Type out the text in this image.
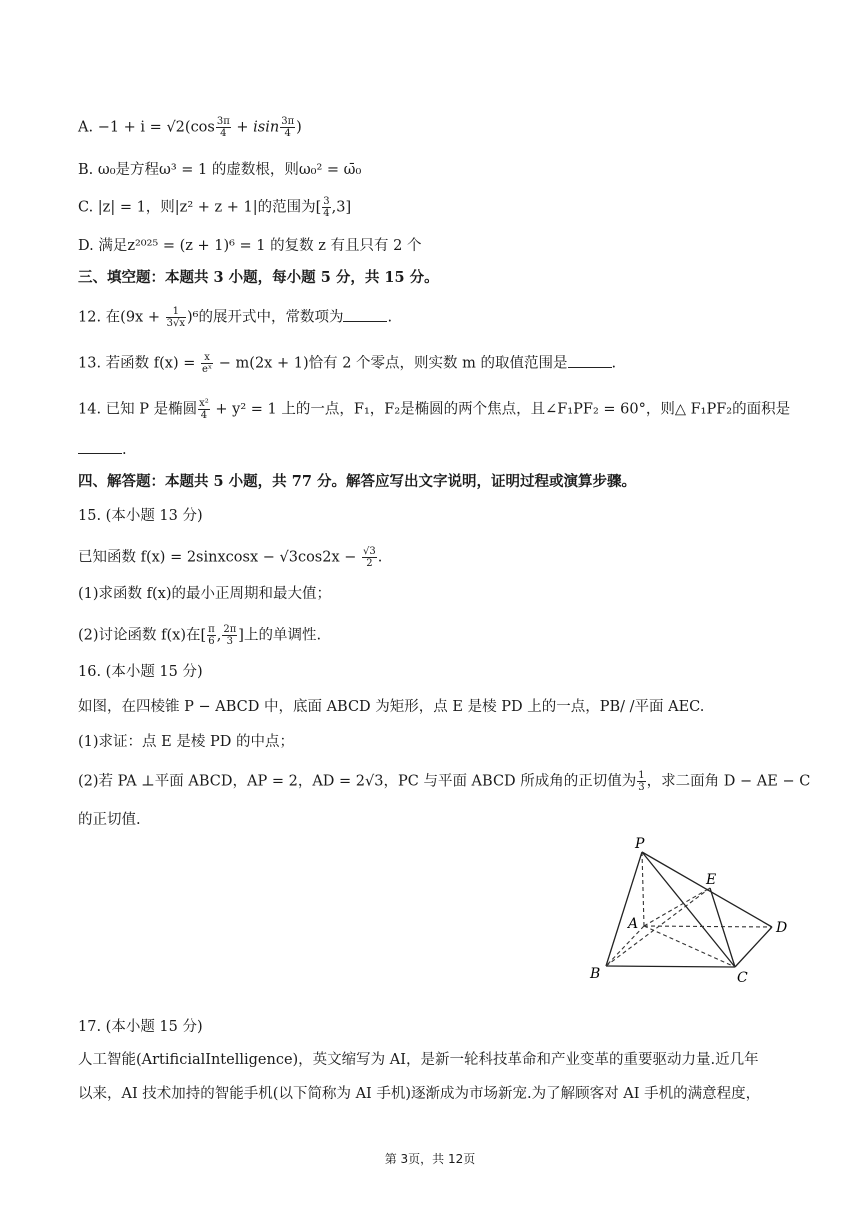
A. $-1 + i = √2(\cos \frac{3\pi}{4} + isin \frac{3\pi}{4}$ )
B. ω₀是方程ω³ = 1 的虚数根，则ω₀² = ω̄₀
C. |z| = 1，则|z² + z + 1|的范围为[ $\frac{3}{4} ,3$]
D. 满足z²⁰²⁵ = (z + 1)⁶ = 1 的复数 z 有且只有 2 个
三、填空题：本题共 3 小题，每小题 5 分，共 15 分。
12. 在$(9x + \frac{1}{3√x} )^6$的展开式中，常数项为	.
13. 若函数 $f(x) = \frac{x}{\text{eˣ}} - m(2x + 1)$恰有 2 个零点，则实数 m 的取值范围是	.
14. 已知 P 是椭圆 $\frac{\text{x²}}{4} + y^2 = 1$ 上的一点，F₁，F₂是椭圆的两个焦点，且∠F₁PF₂ = 60°，则△ F₁PF₂的面积是
.
四、解答题：本题共 5 小题，共 77 分。解答应写出文字说明，证明过程或演算步骤。
15. (本小题 13 分)
已知函数 f(x) = 2sinxcosx − $√3\cos 2x - \frac{√3}{2}$ .
(1)求函数 f(x)的最小正周期和最大值；
(2)讨论函数 f(x)在[ $\frac{\pi}{6}$ , $\frac{2\pi}{3}$ ]上的单调性.
16. (本小题 15 分)
如图，在四棱锥 P − ABCD 中，底面 ABCD 为矩形，点 E 是棱 PD 上的一点，PB/ /平面 AEC.
(1)求证：点 E 是棱 PD 的中点；
(2)若 PA ⊥平面 ABCD，AP = 2，AD = 2√3，PC 与平面 ABCD 所成角的正切值为 $\frac{1}{3}$ ，求二面角 D − AE − C
的正切值.
P
E
A	D
B	C
17. (本小题 15 分)
人工智能(ArtificialIntelligence)，英文缩写为 AI，是新一轮科技革命和产业变革的重要驱动力量.近几年
以来，AI 技术加持的智能手机(以下简称为 AI 手机)逐渐成为市场新宠.为了解顾客对 AI 手机的满意程度，
第 3页，共 12页
